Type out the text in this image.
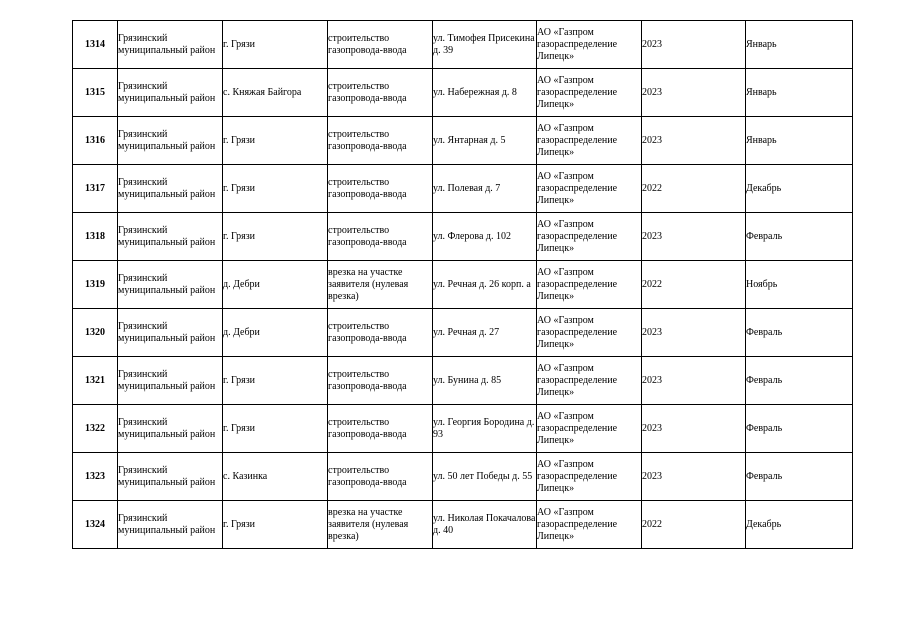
1314	Грязинский муниципальный район	г. Грязи	строительство газопровода-ввода	ул. Тимофея Присекина д. 39	АО «Газпром газораспределение Липецк»	2023	Январь

1315	Грязинский муниципальный район	с. Княжая Байгора	строительство газопровода-ввода	ул. Набережная д. 8	АО «Газпром газораспределение Липецк»	2023	Январь

1316	Грязинский муниципальный район	г. Грязи	строительство газопровода-ввода	ул. Янтарная д. 5	АО «Газпром газораспределение Липецк»	2023	Январь

1317	Грязинский муниципальный район	г. Грязи	строительство газопровода-ввода	ул. Полевая д. 7	АО «Газпром газораспределение Липецк»	2022	Декабрь

1318	Грязинский муниципальный район	г. Грязи	строительство газопровода-ввода	ул. Флерова д. 102	АО «Газпром газораспределение Липецк»	2023	Февраль

1319	Грязинский муниципальный район	д. Дебри	врезка на участке заявителя (нулевая врезка)	ул. Речная д. 26 корп. а	АО «Газпром газораспределение Липецк»	2022	Ноябрь

1320	Грязинский муниципальный район	д. Дебри	строительство газопровода-ввода	ул. Речная д. 27	АО «Газпром газораспределение Липецк»	2023	Февраль

1321	Грязинский муниципальный район	г. Грязи	строительство газопровода-ввода	ул. Бунина д. 85	АО «Газпром газораспределение Липецк»	2023	Февраль

1322	Грязинский муниципальный район	г. Грязи	строительство газопровода-ввода	ул. Георгия Бородина д. 93	АО «Газпром газораспределение Липецк»	2023	Февраль

1323	Грязинский муниципальный район	с. Казинка	строительство газопровода-ввода	ул. 50 лет Победы д. 55	АО «Газпром газораспределение Липецк»	2023	Февраль

1324	Грязинский муниципальный район	г. Грязи	врезка на участке заявителя (нулевая врезка)	ул. Николая Покачалова д. 40	АО «Газпром газораспределение Липецк»	2022	Декабрь
